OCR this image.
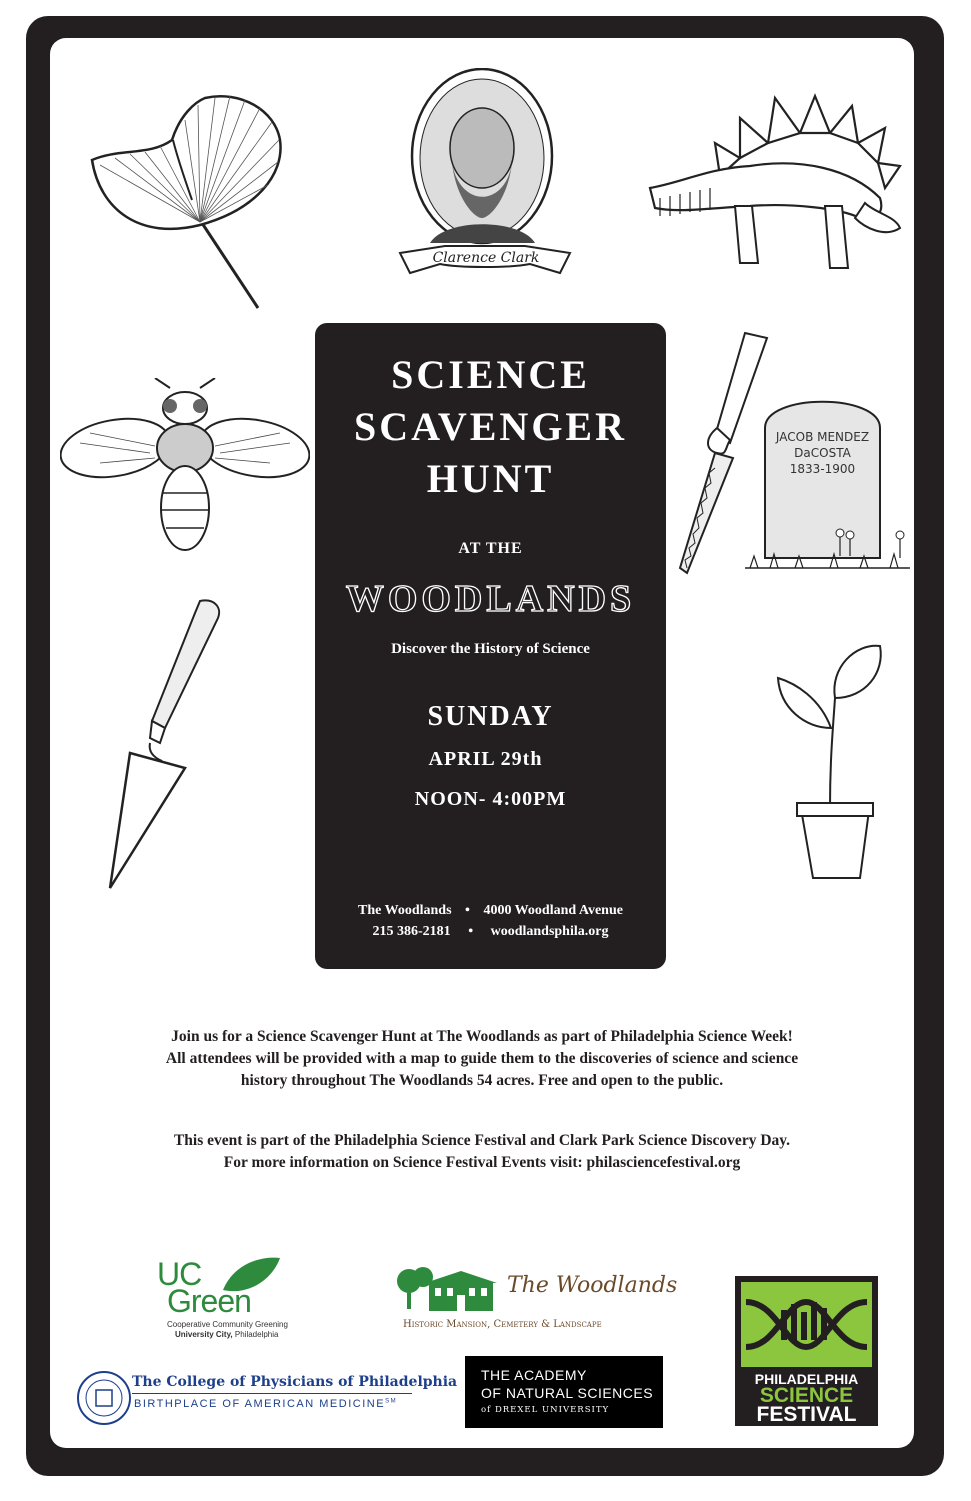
Clarence Clark
JACOB MENDEZ
DaCOSTA
1833-1900
SCIENCE
SCAVENGER
HUNT
AT THE
WOODLANDS
Discover the History of Science
SUNDAY
APRIL 29th
NOON- 4:00PM
The Woodlands • 4000 Woodland Avenue
215 386-2181 • woodlandsphila.org
Join us for a Science Scavenger Hunt at The Woodlands as part of Philadelphia Science Week!
All attendees will be provided with a map to guide them to the discoveries of science and science
history throughout The Woodlands 54 acres. Free and open to the public.
This event is part of the Philadelphia Science Festival and Clark Park Science Discovery Day.
For more information on Science Festival Events visit: philasciencefestival.org
UC
Green
Cooperative Community Greening
University City, Philadelphia
The Woodlands
Historic Mansion, Cemetery & Landscape
PHILADELPHIA
SCIENCE
FESTIVAL
The College of Physicians of Philadelphia
BIRTHPLACE OF AMERICAN MEDICINE℠
THE ACADEMY
OF NATURAL SCIENCES
of DREXEL UNIVERSITY
